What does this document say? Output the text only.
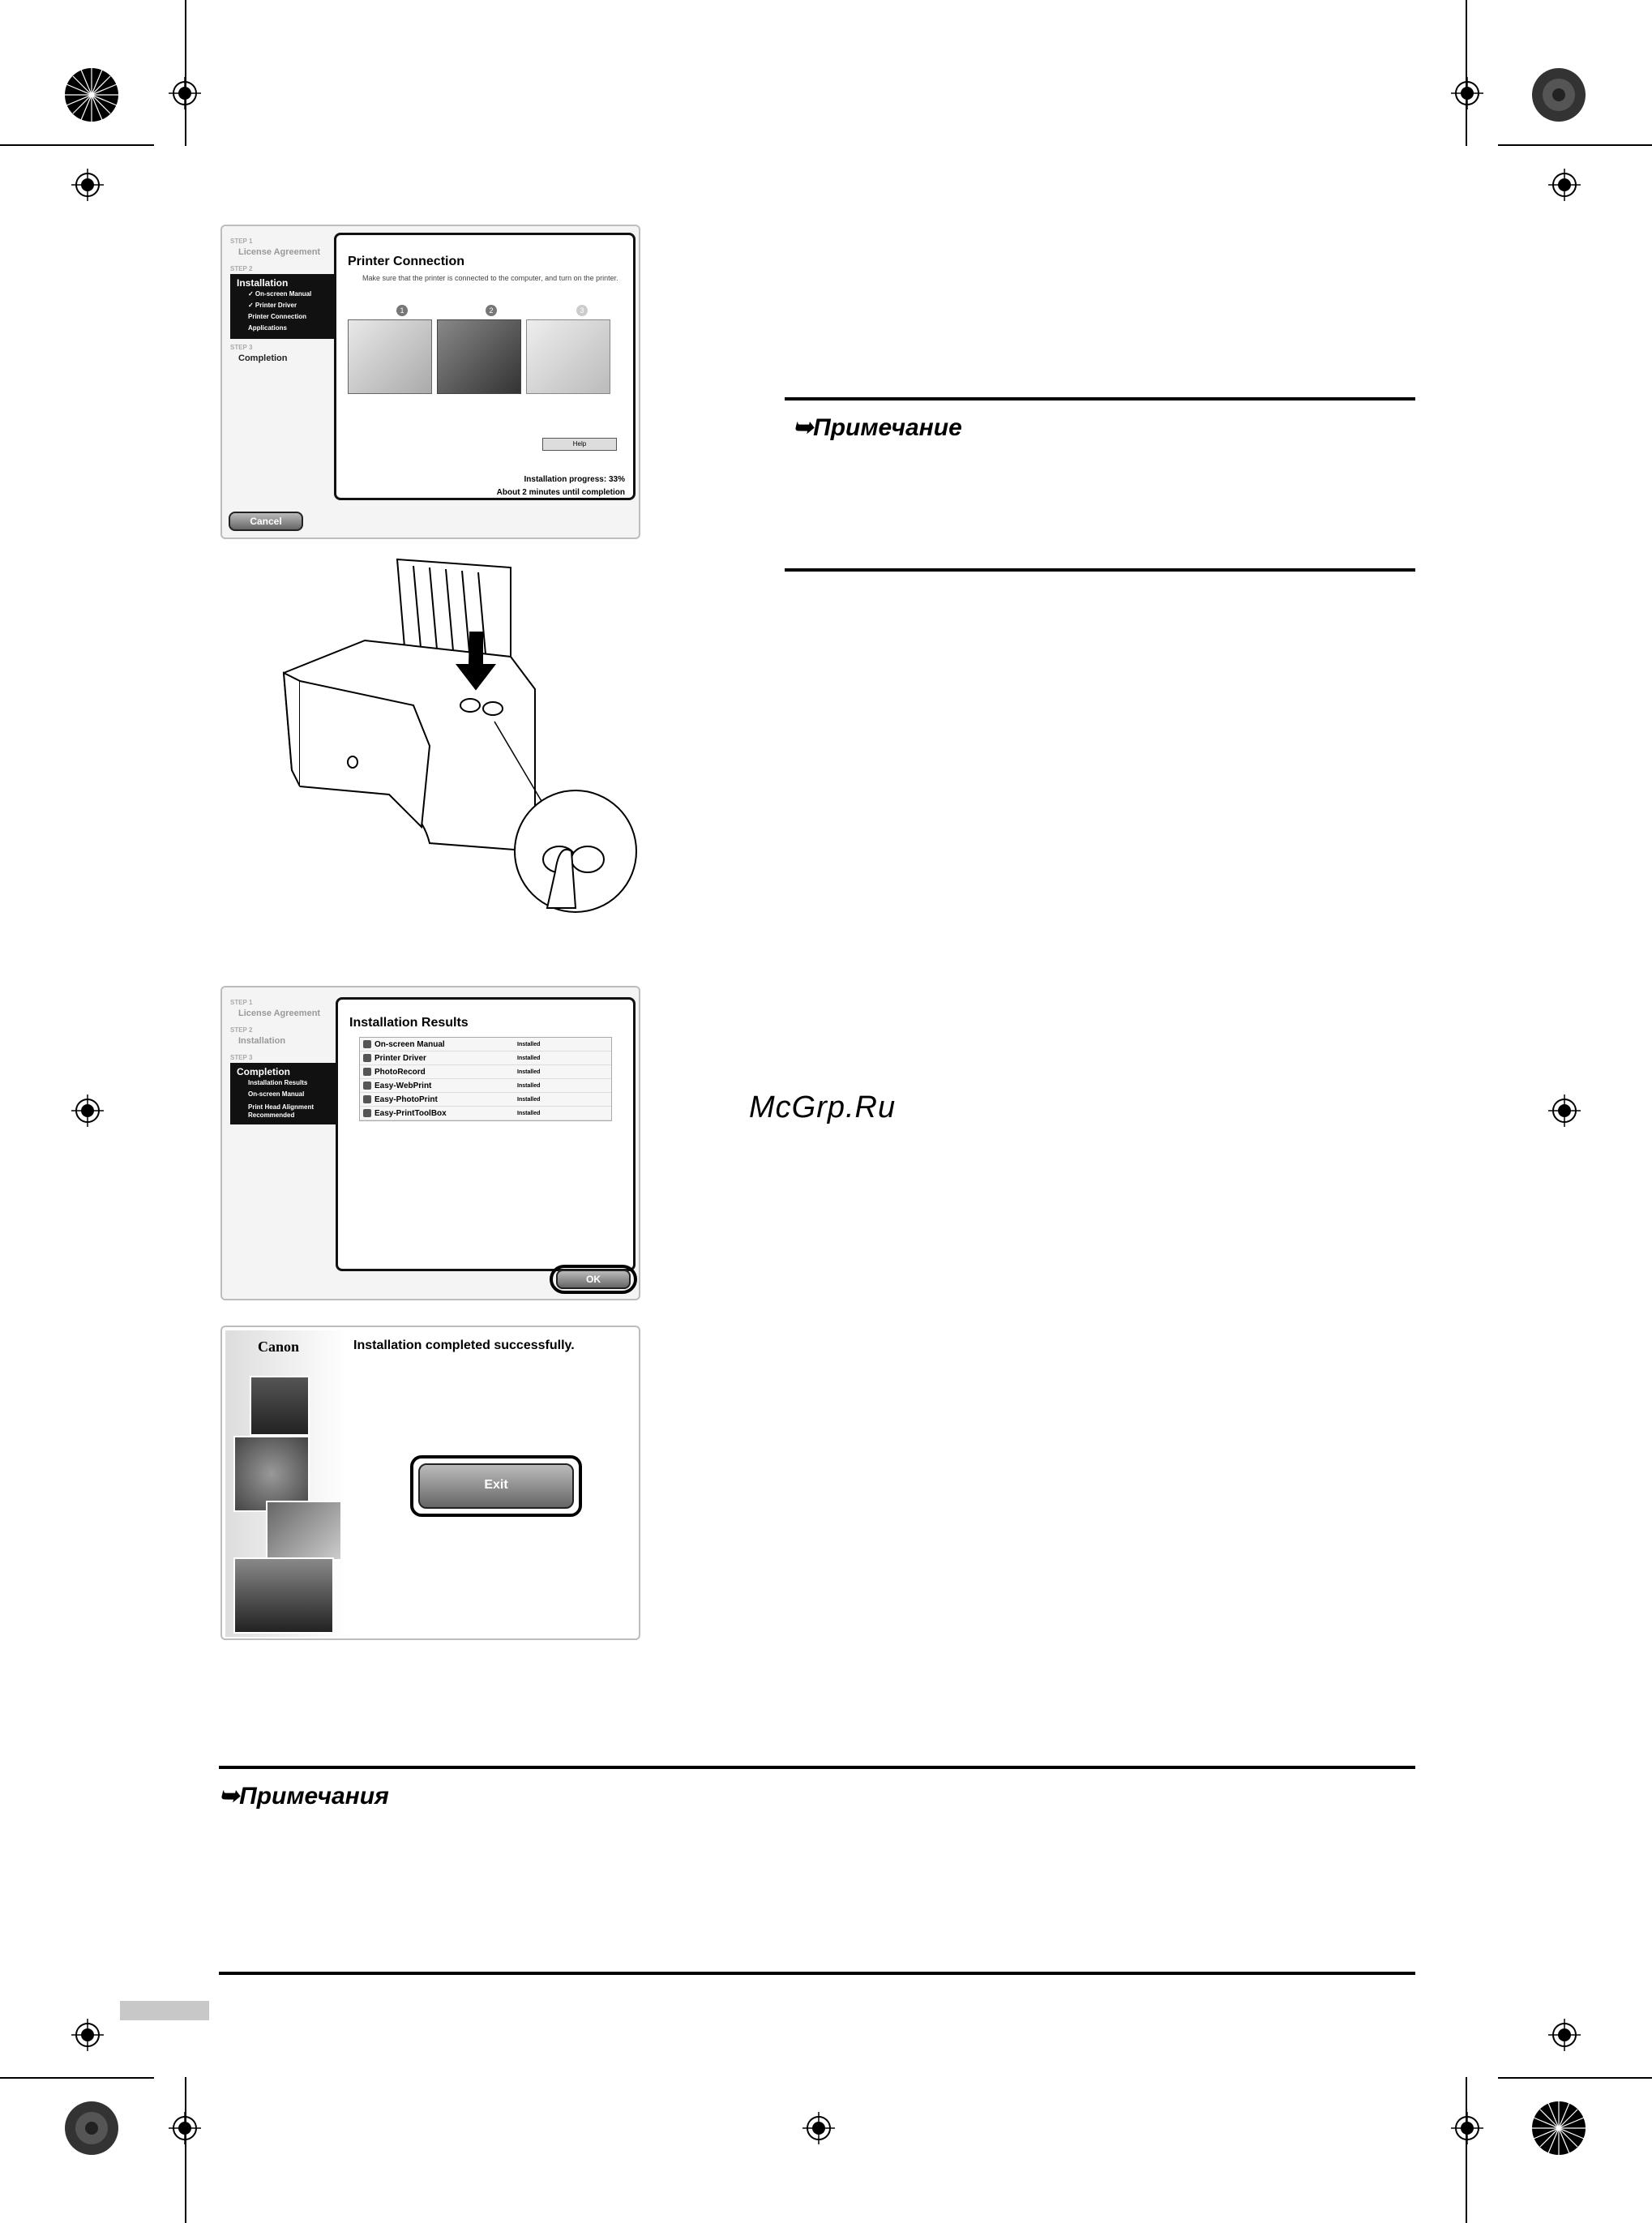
STEP 1
License Agreement
STEP 2
Installation
✓ On-screen Manual
✓ Printer Driver
Printer Connection
Applications
STEP 3
Completion
Printer Connection
Make sure that the printer is connected to the computer, and turn on the printer.
1	2	3
Help
Installation progress: 33%
About 2 minutes until completion
Cancel
➥Примечание
STEP 1
License Agreement
STEP 2
Installation
STEP 3
Completion
Installation Results
On-screen Manual
Print Head Alignment Recommended
Installation Results
On-screen Manual	Installed
Printer Driver	Installed
PhotoRecord	Installed
Easy-WebPrint	Installed
Easy-PhotoPrint	Installed
Easy-PrintToolBox	Installed
OK
McGrp.Ru
Canon	Installation completed successfully.
Exit
➥Примечания
